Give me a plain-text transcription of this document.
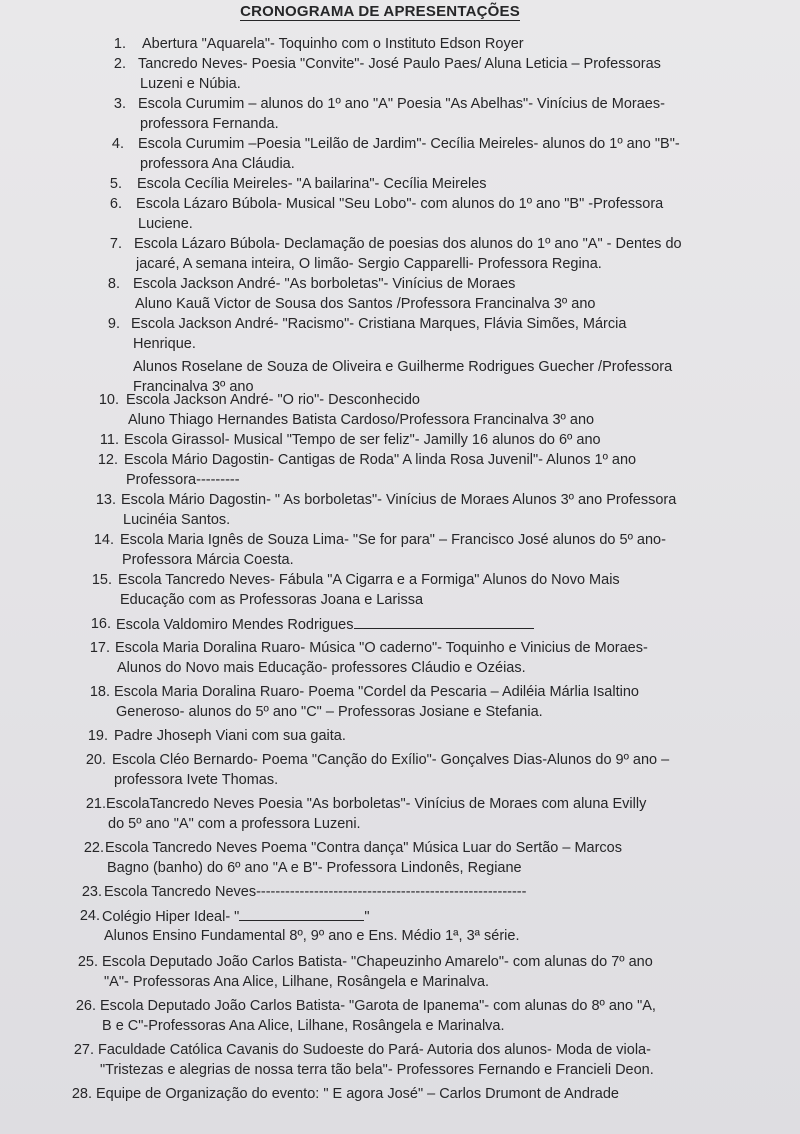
CRONOGRAMA DE APRESENTAÇÕES
1. Abertura "Aquarela"- Toquinho com o Instituto Edson Royer
2. Tancredo Neves- Poesia "Convite"- José Paulo Paes/ Aluna Leticia – Professoras
Luzeni e Núbia.
3. Escola Curumim – alunos do 1º ano "A" Poesia "As Abelhas"- Vinícius de Moraes-
professora Fernanda.
4. Escola Curumim –Poesia "Leilão de Jardim"- Cecília Meireles- alunos do 1º ano "B"-
professora Ana Cláudia.
5. Escola Cecília Meireles- "A bailarina"- Cecília Meireles
6. Escola Lázaro Búbola- Musical "Seu Lobo"- com alunos do 1º ano "B" -Professora
Luciene.
7. Escola Lázaro Búbola- Declamação de poesias dos alunos do 1º ano "A" - Dentes do
jacaré, A semana inteira, O limão- Sergio Capparelli- Professora Regina.
8. Escola Jackson André- "As borboletas"- Vinícius de Moraes
Aluno Kauã Victor de Sousa dos Santos /Professora Francinalva 3º ano
9. Escola Jackson André- "Racismo"- Cristiana Marques, Flávia Simões, Márcia
Henrique.
Alunos Roselane de Souza de Oliveira e Guilherme Rodrigues Guecher /Professora
Francinalva 3º ano
10. Escola Jackson André- "O rio"- Desconhecido
Aluno Thiago Hernandes Batista Cardoso/Professora Francinalva 3º ano
11. Escola Girassol- Musical "Tempo de ser feliz"- Jamilly 16 alunos do 6º ano
12. Escola Mário Dagostin- Cantigas de Roda" A linda Rosa Juvenil"- Alunos 1º ano
Professora---------
13. Escola Mário Dagostin- " As borboletas"- Vinícius de Moraes Alunos 3º ano Professora
Lucinéia Santos.
14. Escola Maria Ignês de Souza Lima- "Se for para" – Francisco José alunos do 5º ano-
Professora Márcia Coesta.
15. Escola Tancredo Neves- Fábula "A Cigarra e a Formiga" Alunos do Novo Mais
Educação com as Professoras Joana e Larissa
16. Escola Valdomiro Mendes Rodrigues
17. Escola Maria Doralina Ruaro- Música "O caderno"- Toquinho e Vinicius de Moraes-
Alunos do Novo mais Educação- professores Cláudio e Ozéias.
18. Escola Maria Doralina Ruaro- Poema "Cordel da Pescaria – Adiléia Márlia Isaltino
Generoso- alunos do 5º ano "C" – Professoras Josiane e Stefania.
19. Padre Jhoseph Viani com sua gaita.
20. Escola Cléo Bernardo- Poema "Canção do Exílio"- Gonçalves Dias-Alunos do 9º ano –
professora Ivete Thomas.
21. EscolaTancredo Neves Poesia "As borboletas"- Vinícius de Moraes com aluna Evilly
do 5º ano "A" com a professora Luzeni.
22. Escola Tancredo Neves Poema "Contra dança" Música Luar do Sertão – Marcos
Bagno (banho) do 6º ano "A e B"- Professora Lindonês, Regiane
23. Escola Tancredo Neves--------------------------------------------------------
24. Colégio Hiper Ideal- "	"
Alunos Ensino Fundamental 8º, 9º ano e Ens. Médio 1ª, 3ª série.
25. Escola Deputado João Carlos Batista- "Chapeuzinho Amarelo"- com alunas do 7º ano
"A"- Professoras Ana Alice, Lilhane, Rosângela e Marinalva.
26. Escola Deputado João Carlos Batista- "Garota de Ipanema"- com alunas do 8º ano "A,
B e C"-Professoras Ana Alice, Lilhane, Rosângela e Marinalva.
27. Faculdade Católica Cavanis do Sudoeste do Pará- Autoria dos alunos- Moda de viola-
"Tristezas e alegrias de nossa terra tão bela"- Professores Fernando e Francieli Deon.
28. Equipe de Organização do evento: " E agora José" – Carlos Drumont de Andrade
